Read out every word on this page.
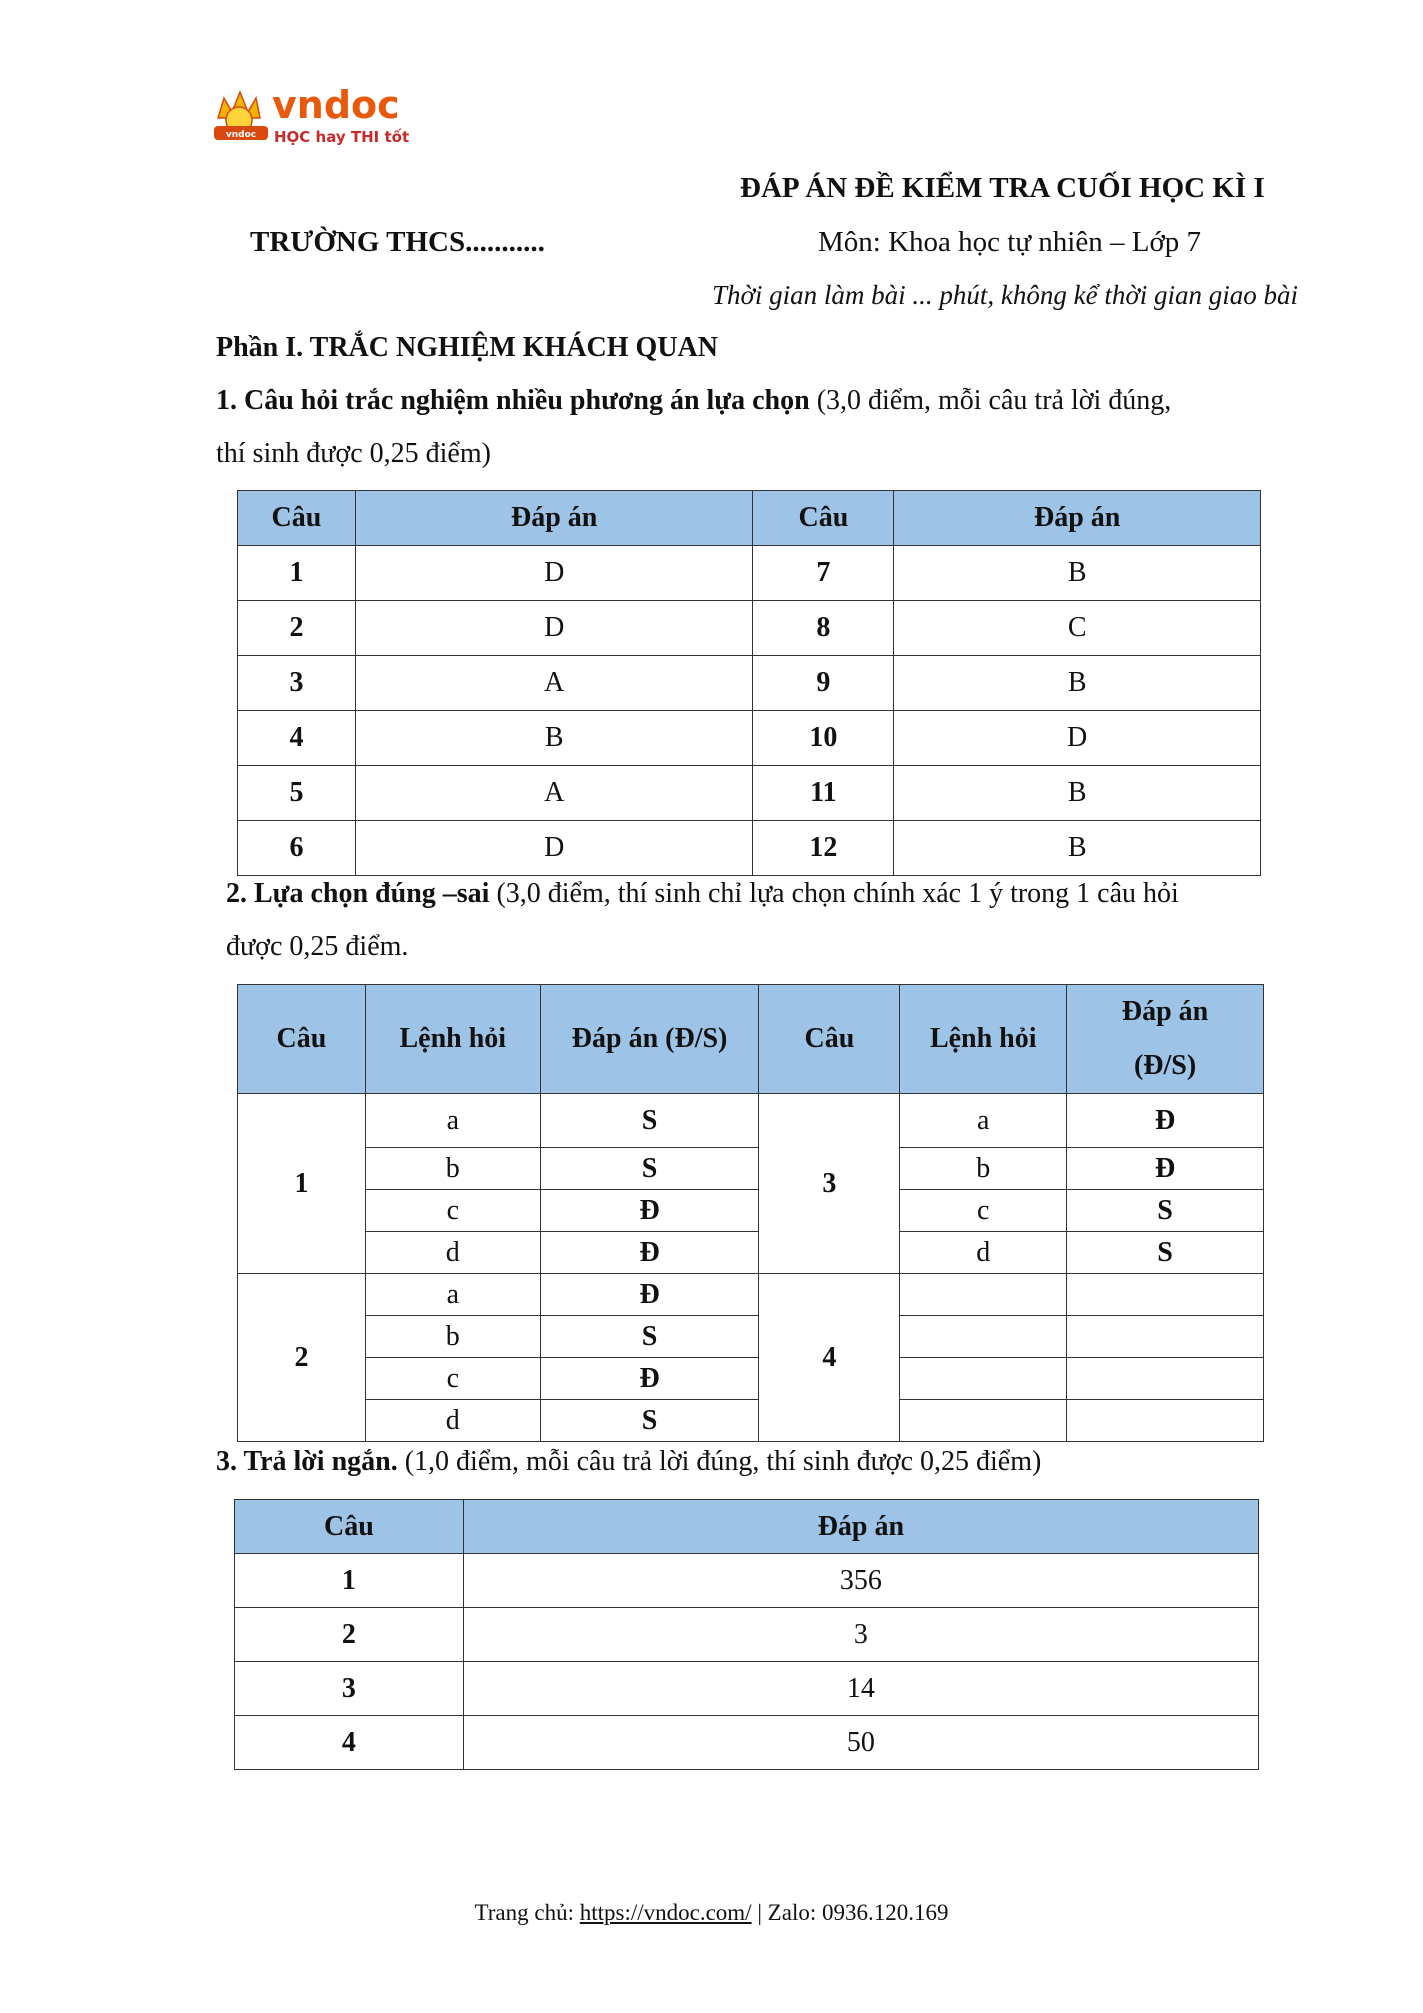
vndoc
vndoc
HỌC hay THI tốt
ĐÁP ÁN ĐỀ KIỂM TRA CUỐI HỌC KÌ I
TRƯỜNG THCS...........	Môn: Khoa học tự nhiên – Lớp 7
Thời gian làm bài ... phút, không kể thời gian giao bài
Phần I. TRẮC NGHIỆM KHÁCH QUAN
1. Câu hỏi trắc nghiệm nhiều phương án lựa chọn (3,0 điểm, mỗi câu trả lời đúng,
thí sinh được 0,25 điểm)
Câu	Đáp án	Câu	Đáp án
1	D	7	B
2	D	8	C
3	A	9	B
4	B	10	D
5	A	11	B
6	D	12	B
2. Lựa chọn đúng –sai (3,0 điểm, thí sinh chỉ lựa chọn chính xác 1 ý trong 1 câu hỏi
được 0,25 điểm.
Câu	Lệnh hỏi	Đáp án (Đ/S)	Câu	Lệnh hỏi	Đáp án
(Đ/S)
1	a	S	3	a	Đ
	b	S		b	Đ
	c	Đ		c	S
	d	Đ		d	S
2	a	Đ	4		
	b	S			
	c	Đ			
	d	S			
3. Trả lời ngắn. (1,0 điểm, mỗi câu trả lời đúng, thí sinh được 0,25 điểm)
Câu	Đáp án
1	356
2	3
3	14
4	50
Trang chủ: https://vndoc.com/ | Zalo: 0936.120.169
